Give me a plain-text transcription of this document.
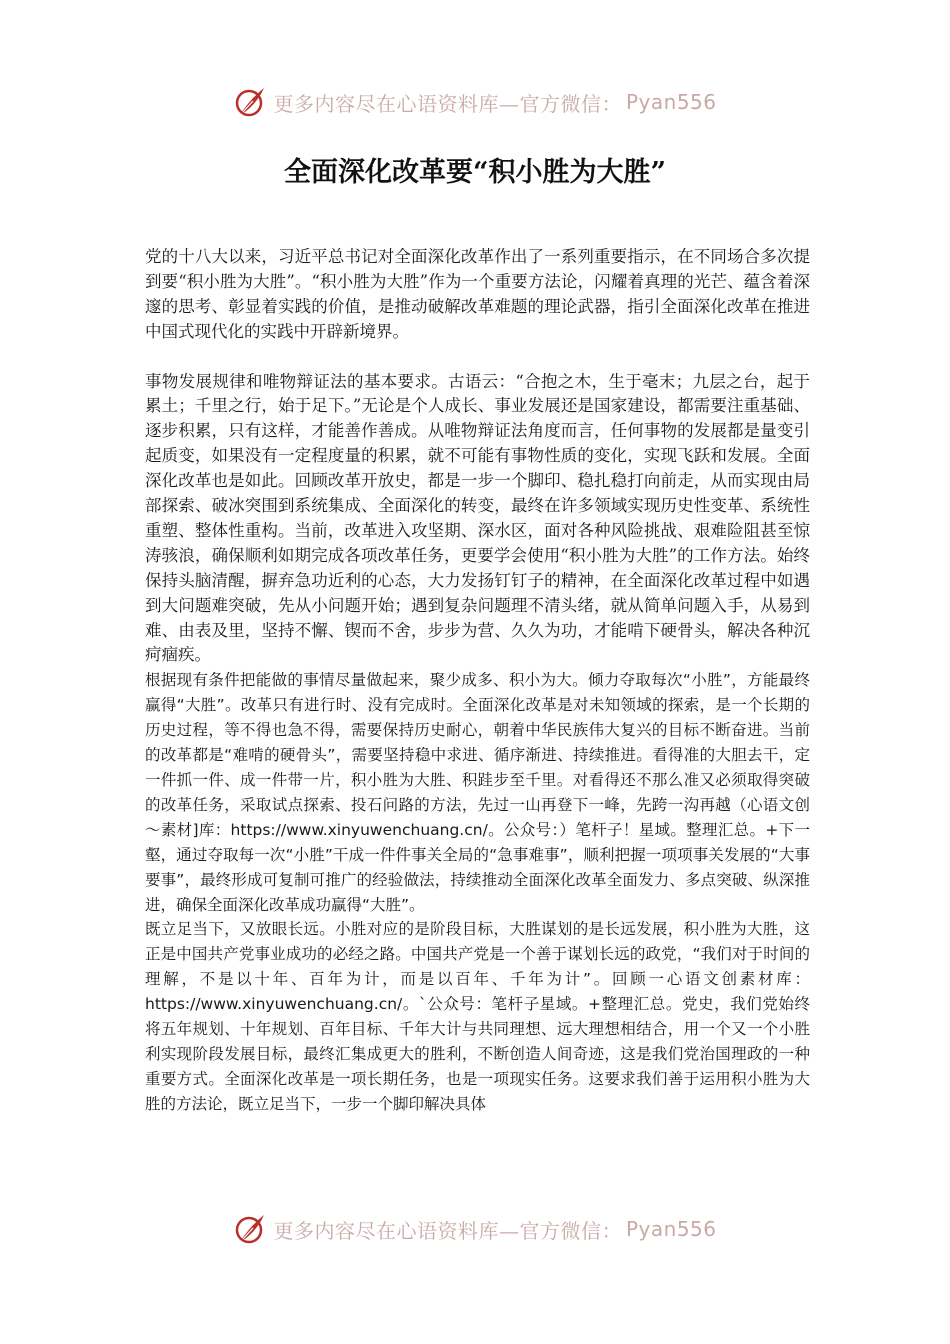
更多内容尽在心语资料库—官方微信： Pyan556
全面深化改革要“积小胜为大胜”

党的十八大以来，习近平总书记对全面深化改革作出了一系列重要指示，在不同场合多次提到要“积小胜为大胜”。“积小胜为大胜”作为一个重要方法论，闪耀着真理的光芒、蕴含着深邃的思考、彰显着实践的价值，是推动破解改革难题的理论武器，指引全面深化改革在推进中国式现代化的实践中开辟新境界。

事物发展规律和唯物辩证法的基本要求。古语云：“合抱之木，生于毫末；九层之台，起于累土；千里之行，始于足下。”无论是个人成长、事业发展还是国家建设，都需要注重基础、逐步积累，只有这样，才能善作善成。从唯物辩证法角度而言，任何事物的发展都是量变引起质变，如果没有一定程度量的积累，就不可能有事物性质的变化，实现飞跃和发展。全面深化改革也是如此。回顾改革开放史，都是一步一个脚印、稳扎稳打向前走，从而实现由局部探索、破冰突围到系统集成、全面深化的转变，最终在许多领域实现历史性变革、系统性重塑、整体性重构。当前，改革进入攻坚期、深水区，面对各种风险挑战、艰难险阻甚至惊涛骇浪，确保顺利如期完成各项改革任务，更要学会使用“积小胜为大胜”的工作方法。始终保持头脑清醒，摒弃急功近利的心态，大力发扬钉钉子的精神，在全面深化改革过程中如遇到大问题难突破，先从小问题开始；遇到复杂问题理不清头绪，就从简单问题入手，从易到难、由表及里，坚持不懈、锲而不舍，步步为营、久久为功，才能啃下硬骨头，解决各种沉疴痼疾。

根据现有条件把能做的事情尽量做起来，聚少成多、积小为大。倾力夺取每次“小胜”，方能最终赢得“大胜”。改革只有进行时、没有完成时。全面深化改革是对未知领域的探索，是一个长期的历史过程，等不得也急不得，需要保持历史耐心，朝着中华民族伟大复兴的目标不断奋进。当前的改革都是“难啃的硬骨头”，需要坚持稳中求进、循序渐进、持续推进。看得准的大胆去干，定一件抓一件、成一件带一片，积小胜为大胜、积跬步至千里。对看得还不那么准又必须取得突破的改革任务，采取试点探索、投石问路的方法，先过一山再登下一峰，先跨一沟再越（心语文创～素材]库：https://www.xinyuwenchuang.cn/。公众号：）笔杆子！星域。整理汇总。+下一壑，通过夺取每一次“小胜”干成一件件事关全局的“急事难事”，顺利把握一项项事关发展的“大事要事”，最终形成可复制可推广的经验做法，持续推动全面深化改革全面发力、多点突破、纵深推进，确保全面深化改革成功赢得“大胜”。

既立足当下，又放眼长远。小胜对应的是阶段目标，大胜谋划的是长远发展，积小胜为大胜，这正是中国共产党事业成功的必经之路。中国共产党是一个善于谋划长远的政党，“我们对于时间的理解，不是以十年、百年为计，而是以百年、千年为计”。回顾一心语文创素材库：https://www.xinyuwenchuang.cn/。`公众号：笔杆子星域。+整理汇总。党史，我们党始终将五年规划、十年规划、百年目标、千年大计与共同理想、远大理想相结合，用一个又一个小胜利实现阶段发展目标，最终汇集成更大的胜利，不断创造人间奇迹，这是我们党治国理政的一种重要方式。全面深化改革是一项长期任务，也是一项现实任务。这要求我们善于运用积小胜为大胜的方法论，既立足当下，一步一个脚印解决具体

更多内容尽在心语资料库—官方微信： Pyan556
